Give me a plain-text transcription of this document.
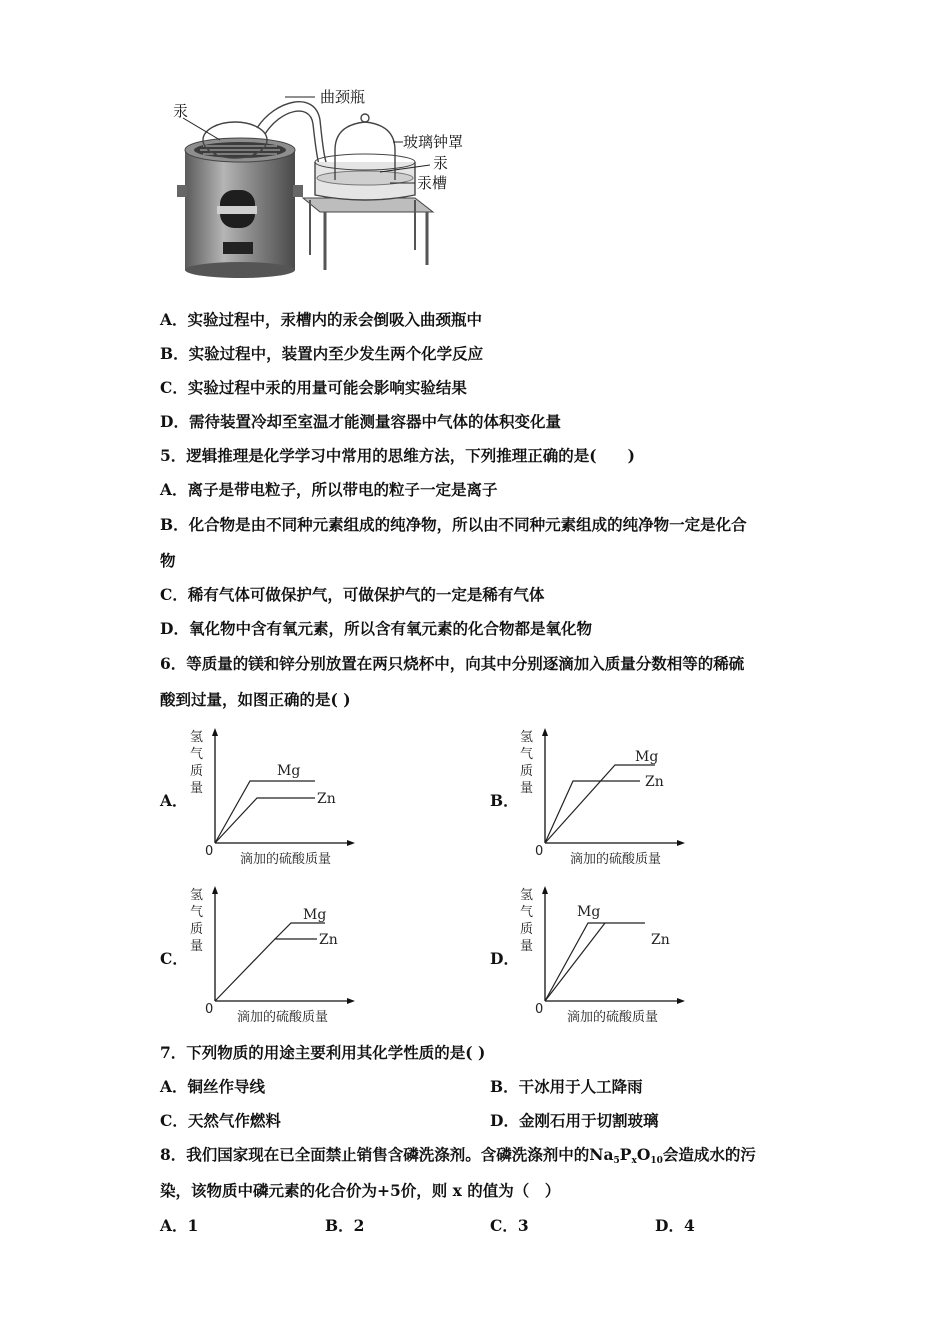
曲颈瓶
汞
玻璃钟罩
汞
汞槽
A．实验过程中，汞槽内的汞会倒吸入曲颈瓶中
B．实验过程中，装置内至少发生两个化学反应
C．实验过程中汞的用量可能会影响实验结果
D．需待装置冷却至室温才能测量容器中气体的体积变化量
5．逻辑推理是化学学习中常用的思维方法，下列推理正确的是(　　)
A．离子是带电粒子，所以带电的粒子一定是离子
B．化合物是由不同种元素组成的纯净物，所以由不同种元素组成的纯净物一定是化合
物
C．稀有气体可做保护气，可做保护气的一定是稀有气体
D．氧化物中含有氧元素，所以含有氧元素的化合物都是氧化物
6．等质量的镁和锌分别放置在两只烧杯中，向其中分别逐滴加入质量分数相等的稀硫
酸到过量，如图正确的是( )
A．	B．
C．	D．
氢
气
质
量
0
滴加的硫酸质量
Mg
Zn
氢
气
质
量
0
滴加的硫酸质量
Mg
Zn
氢
气
质
量
0
滴加的硫酸质量
Mg
Zn
氢
气
质
量
0
滴加的硫酸质量
Mg
Zn
7．下列物质的用途主要利用其化学性质的是( )
A．铜丝作导线	B．干冰用于人工降雨
C．天然气作燃料	D．金刚石用于切割玻璃
8．我们国家现在已全面禁止销售含磷洗涤剂。含磷洗涤剂中的$Na_5P_xO_{10}$会造成水的污
染，该物质中磷元素的化合价为+5价，则 x 的值为（　）
A．1	B．2	C．3	D．4
